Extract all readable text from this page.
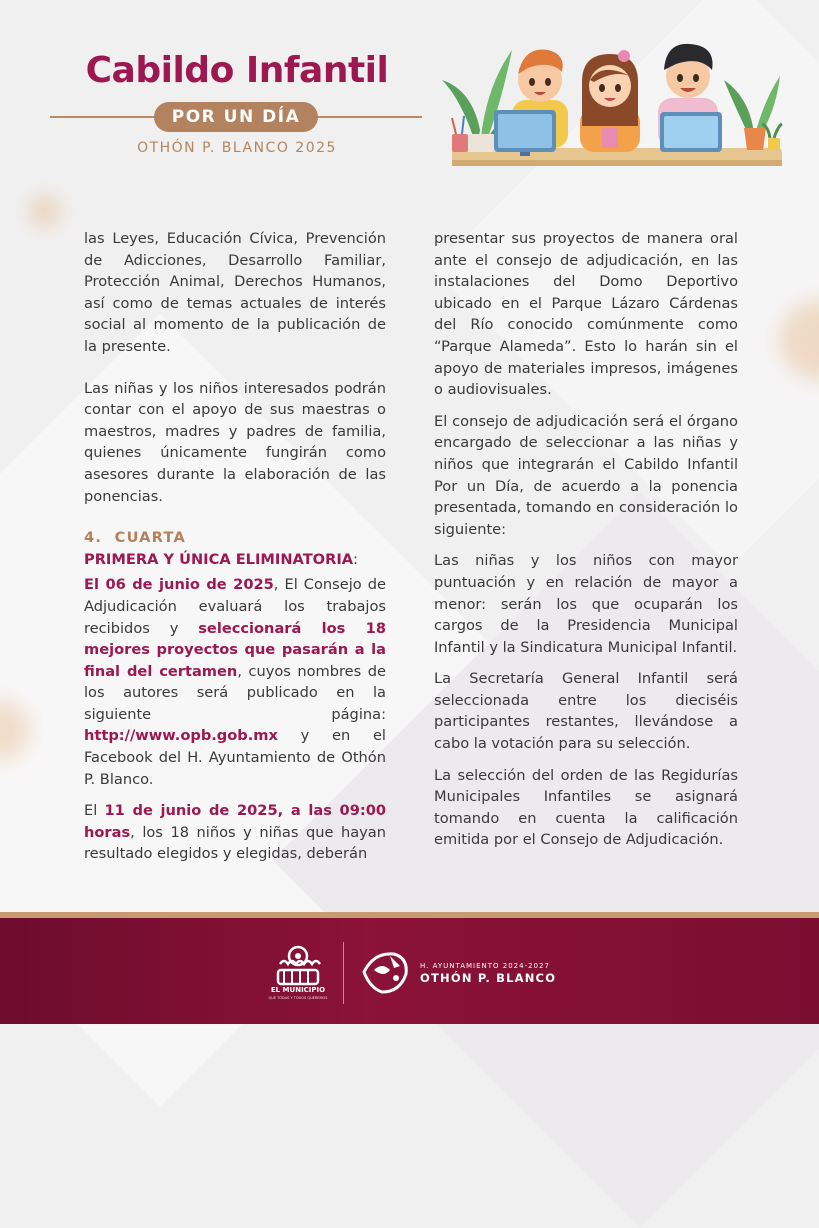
Cabildo Infantil
POR UN DÍA
OTHÓN P. BLANCO 2025

las Leyes, Educación Cívica, Prevención de Adicciones, Desarrollo Familiar, Protección Animal, Derechos Humanos, así como de temas actuales de interés social al momento de la publicación de la presente.

Las niñas y los niños interesados podrán contar con el apoyo de sus maestras o maestros, madres y padres de familia, quienes únicamente fungirán como asesores durante la elaboración de las ponencias.

4. CUARTA
PRIMERA Y ÚNICA ELIMINATORIA:

El 06 de junio de 2025, El Consejo de Adjudicación evaluará los trabajos recibidos y seleccionará los 18 mejores proyectos que pasarán a la final del certamen, cuyos nombres de los autores será publicado en la siguiente página: http://www.opb.gob.mx y en el Facebook del H. Ayuntamiento de Othón P. Blanco.

El 11 de junio de 2025, a las 09:00 horas, los 18 niños y niñas que hayan resultado elegidos y elegidas, deberán

presentar sus proyectos de manera oral ante el consejo de adjudicación, en las instalaciones del Domo Deportivo ubicado en el Parque Lázaro Cárdenas del Río conocido comúnmente como “Parque Alameda”. Esto lo harán sin el apoyo de materiales impresos, imágenes o audiovisuales.

El consejo de adjudicación será el órgano encargado de seleccionar a las niñas y niños que integrarán el Cabildo Infantil Por un Día, de acuerdo a la ponencia presentada, tomando en consideración lo siguiente:

Las niñas y los niños con mayor puntuación y en relación de mayor a menor: serán los que ocuparán los cargos de la Presidencia Municipal Infantil y la Sindicatura Municipal Infantil.

La Secretaría General Infantil será seleccionada entre los dieciséis participantes restantes, llevándose a cabo la votación para su selección.

La selección del orden de las Regidurías Municipales Infantiles se asignará tomando en cuenta la calificación emitida por el Consejo de Adjudicación.

EL MUNICIPIO
QUE TODAS Y TODOS QUEREMOS
H. AYUNTAMIENTO 2024-2027
OTHÓN P. BLANCO
